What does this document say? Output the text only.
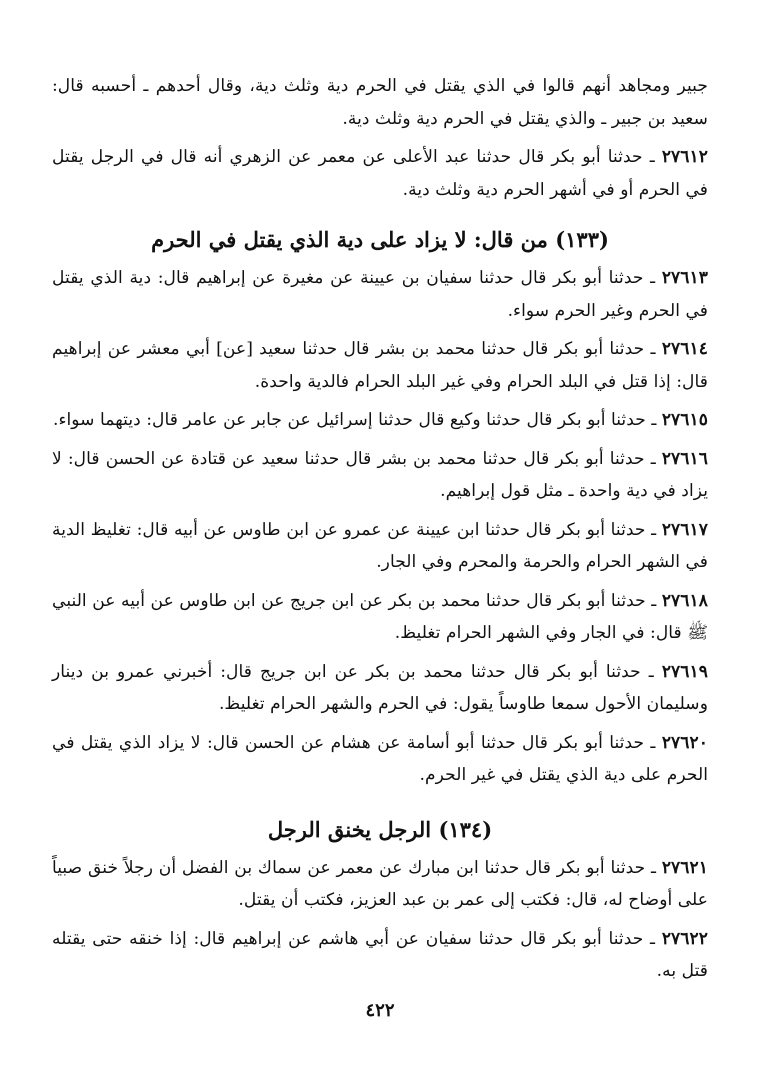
جبير ومجاهد أنهم قالوا في الذي يقتل في الحرم دية وثلث دية، وقال أحدهم ـ أحسبه قال: سعيد بن جبير ـ والذي يقتل في الحرم دية وثلث دية.

٢٧٦١٢ ـ حدثنا أبو بكر قال حدثنا عبد الأعلى عن معمر عن الزهري أنه قال في الرجل يقتل في الحرم أو في أشهر الحرم دية وثلث دية.

(١٣٣) من قال: لا يزاد على دية الذي يقتل في الحرم

٢٧٦١٣ ـ حدثنا أبو بكر قال حدثنا سفيان بن عيينة عن مغيرة عن إبراهيم قال: دية الذي يقتل في الحرم وغير الحرم سواء.

٢٧٦١٤ ـ حدثنا أبو بكر قال حدثنا محمد بن بشر قال حدثنا سعيد [عن] أبي معشر عن إبراهيم قال: إذا قتل في البلد الحرام وفي غير البلد الحرام فالدية واحدة.

٢٧٦١٥ ـ حدثنا أبو بكر قال حدثنا وكيع قال حدثنا إسرائيل عن جابر عن عامر قال: ديتهما سواء.

٢٧٦١٦ ـ حدثنا أبو بكر قال حدثنا محمد بن بشر قال حدثنا سعيد عن قتادة عن الحسن قال: لا يزاد في دية واحدة ـ مثل قول إبراهيم.

٢٧٦١٧ ـ حدثنا أبو بكر قال حدثنا ابن عيينة عن عمرو عن ابن طاوس عن أبيه قال: تغليظ الدية في الشهر الحرام والحرمة والمحرم وفي الجار.

٢٧٦١٨ ـ حدثنا أبو بكر قال حدثنا محمد بن بكر عن ابن جريج عن ابن طاوس عن أبيه عن النبي ﷺ قال: في الجار وفي الشهر الحرام تغليظ.

٢٧٦١٩ ـ حدثنا أبو بكر قال حدثنا محمد بن بكر عن ابن جريج قال: أخبرني عمرو بن دينار وسليمان الأحول سمعا طاوساً يقول: في الحرم والشهر الحرام تغليظ.

٢٧٦٢٠ ـ حدثنا أبو بكر قال حدثنا أبو أسامة عن هشام عن الحسن قال: لا يزاد الذي يقتل في الحرم على دية الذي يقتل في غير الحرم.

(١٣٤) الرجل يخنق الرجل

٢٧٦٢١ ـ حدثنا أبو بكر قال حدثنا ابن مبارك عن معمر عن سماك بن الفضل أن رجلاً خنق صبياً على أوضاح له، قال: فكتب إلى عمر بن عبد العزيز، فكتب أن يقتل.

٢٧٦٢٢ ـ حدثنا أبو بكر قال حدثنا سفيان عن أبي هاشم عن إبراهيم قال: إذا خنقه حتى يقتله قتل به.

٤٢٢
